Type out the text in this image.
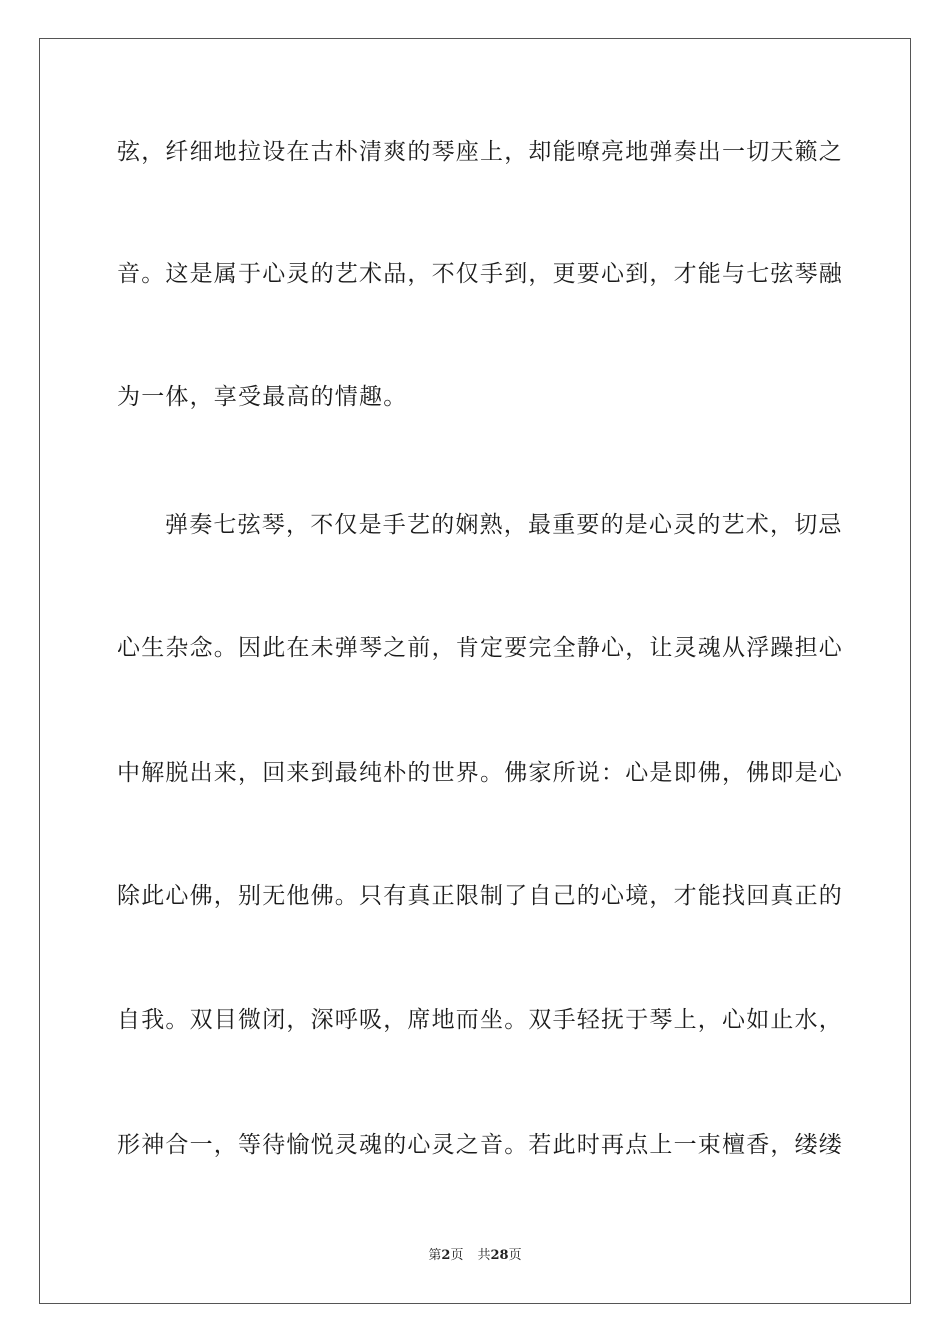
弦，纤细地拉设在古朴清爽的琴座上，却能嘹亮地弹奏出一切天籁之
音。这是属于心灵的艺术品，不仅手到，更要心到，才能与七弦琴融
为一体，享受最高的情趣。
弹奏七弦琴，不仅是手艺的娴熟，最重要的是心灵的艺术，切忌
心生杂念。因此在未弹琴之前，肯定要完全静心，让灵魂从浮躁担心
中解脱出来，回来到最纯朴的世界。佛家所说：心是即佛，佛即是心
除此心佛，别无他佛。只有真正限制了自己的心境，才能找回真正的
自我。双目微闭，深呼吸，席地而坐。双手轻抚于琴上，心如止水，
形神合一，等待愉悦灵魂的心灵之音。若此时再点上一束檀香，缕缕
第2页 共28页
